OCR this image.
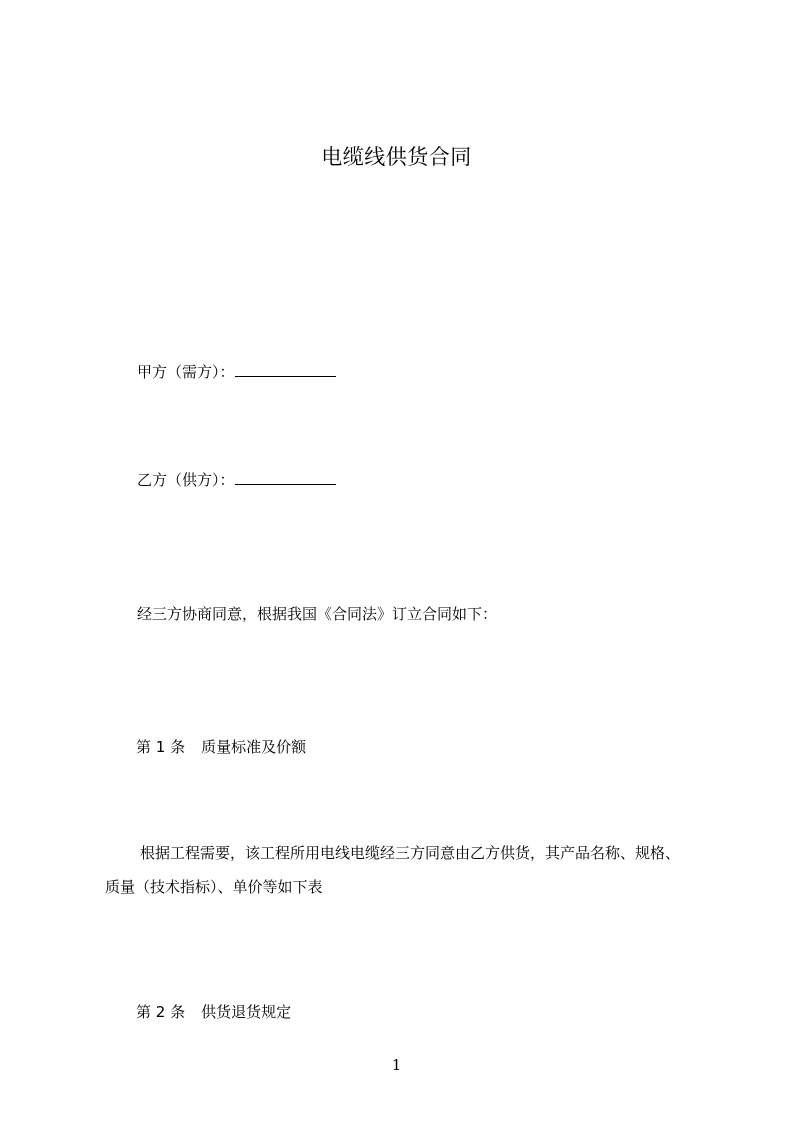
电缆线供货合同
甲方（需方）：
乙方（供方）：
经三方协商同意，根据我国《合同法》订立合同如下：
第 1 条 质量标准及价额
根据工程需要，该工程所用电线电缆经三方同意由乙方供货，其产品名称、规格、
质量（技术指标）、单价等如下表
第 2 条 供货退货规定
1
